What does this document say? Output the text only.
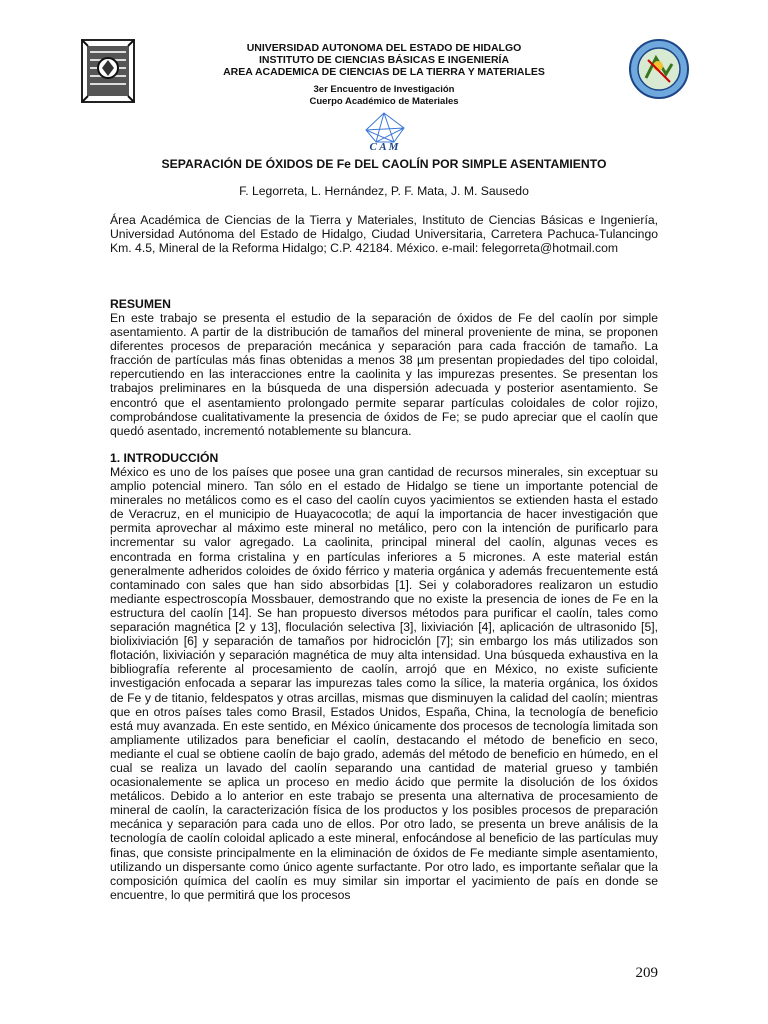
UNIVERSIDAD AUTONOMA DEL ESTADO DE HIDALGO
INSTITUTO DE CIENCIAS BÁSICAS E INGENIERÍA
AREA ACADEMICA DE CIENCIAS DE LA TIERRA Y MATERIALES
3er Encuentro de Investigación
Cuerpo Académico de Materiales
C A M
SEPARACIÓN DE ÓXIDOS DE Fe DEL CAOLÍN POR SIMPLE ASENTAMIENTO
F. Legorreta, L. Hernández, P. F. Mata, J. M. Sausedo
Área Académica de Ciencias de la Tierra y Materiales, Instituto de Ciencias Básicas e Ingeniería, Universidad Autónoma del Estado de Hidalgo, Ciudad Universitaria, Carretera Pachuca-Tulancingo Km. 4.5, Mineral de la Reforma Hidalgo; C.P. 42184. México. e-mail: felegorreta@hotmail.com
RESUMEN
En este trabajo se presenta el estudio de la separación de óxidos de Fe del caolín por simple asentamiento. A partir de la distribución de tamaños del mineral proveniente de mina, se proponen diferentes procesos de preparación mecánica y separación para cada fracción de tamaño. La fracción de partículas más finas obtenidas a menos 38 µm presentan propiedades del tipo coloidal, repercutiendo en las interacciones entre la caolinita y las impurezas presentes. Se presentan los trabajos preliminares en la búsqueda de una dispersión adecuada y posterior asentamiento. Se encontró que el asentamiento prolongado permite separar partículas coloidales de color rojizo, comprobándose cualitativamente la presencia de óxidos de Fe; se pudo apreciar que el caolín que quedó asentado, incrementó notablemente su blancura.
1. INTRODUCCIÓN
México es uno de los países que posee una gran cantidad de recursos minerales, sin exceptuar su amplio potencial minero. Tan sólo en el estado de Hidalgo se tiene un importante potencial de minerales no metálicos como es el caso del caolín cuyos yacimientos se extienden hasta el estado de Veracruz, en el municipio de Huayacocotla; de aquí la importancia de hacer investigación que permita aprovechar al máximo este mineral no metálico, pero con la intención de purificarlo para incrementar su valor agregado. La caolinita, principal mineral del caolín, algunas veces es encontrada en forma cristalina y en partículas inferiores a 5 micrones. A este material están generalmente adheridos coloides de óxido férrico y materia orgánica y además frecuentemente está contaminado con sales que han sido absorbidas [1]. Sei y colaboradores realizaron un estudio mediante espectroscopía Mossbauer, demostrando que no existe la presencia de iones de Fe en la estructura del caolín [14]. Se han propuesto diversos métodos para purificar el caolín, tales como separación magnética [2 y 13], floculación selectiva [3], lixiviación [4], aplicación de ultrasonido [5], biolixiviación [6] y separación de tamaños por hidrociclón [7]; sin embargo los más utilizados son flotación, lixiviación y separación magnética de muy alta intensidad. Una búsqueda exhaustiva en la bibliografía referente al procesamiento de caolín, arrojó que en México, no existe suficiente investigación enfocada a separar las impurezas tales como la sílice, la materia orgánica, los óxidos de Fe y de titanio, feldespatos y otras arcillas, mismas que disminuyen la calidad del caolín; mientras que en otros países tales como Brasil, Estados Unidos, España, China, la tecnología de beneficio está muy avanzada. En este sentido, en México únicamente dos procesos de tecnología limitada son ampliamente utilizados para beneficiar el caolín, destacando el método de beneficio en seco, mediante el cual se obtiene caolín de bajo grado, además del método de beneficio en húmedo, en el cual se realiza un lavado del caolín separando una cantidad de material grueso y también ocasionalemente se aplica un proceso en medio ácido que permite la disolución de los óxidos metálicos. Debido a lo anterior en este trabajo se presenta una alternativa de procesamiento de mineral de caolín, la caracterización física de los productos y los posibles procesos de preparación mecánica y separación para cada uno de ellos. Por otro lado, se presenta un breve análisis de la tecnología de caolín coloidal aplicado a este mineral, enfocándose al beneficio de las partículas muy finas, que consiste principalmente en la eliminación de óxidos de Fe mediante simple asentamiento, utilizando un dispersante como único agente surfactante. Por otro lado, es importante señalar que la composición química del caolín es muy similar sin importar el yacimiento de país en donde se encuentre, lo que permitirá que los procesos
209
